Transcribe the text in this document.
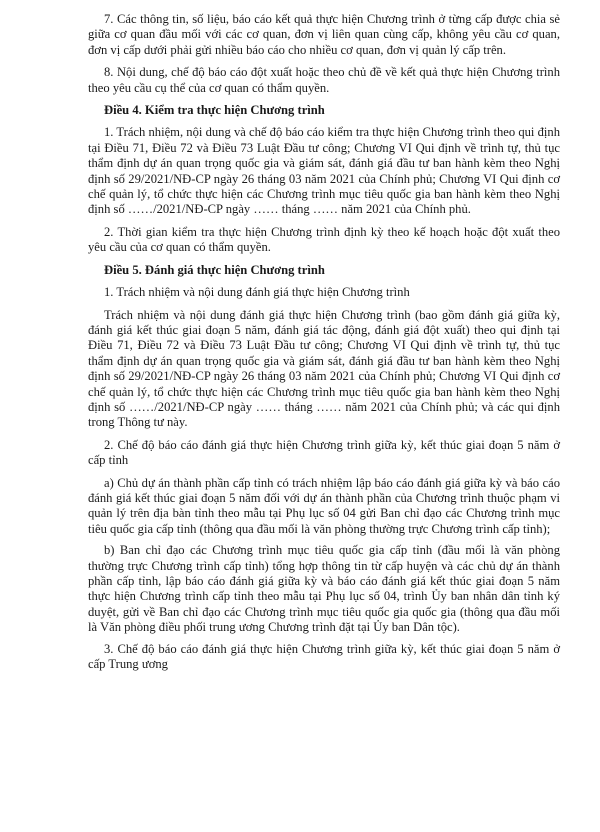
7. Các thông tin, số liệu, báo cáo kết quả thực hiện Chương trình ở từng cấp được chia sẻ giữa cơ quan đầu mối với các cơ quan, đơn vị liên quan cùng cấp, không yêu cầu cơ quan, đơn vị cấp dưới phải gửi nhiều báo cáo cho nhiều cơ quan, đơn vị quản lý cấp trên.

8. Nội dung, chế độ báo cáo đột xuất hoặc theo chủ đề về kết quả thực hiện Chương trình theo yêu cầu cụ thể của cơ quan có thẩm quyền.

Điều 4. Kiểm tra thực hiện Chương trình

1. Trách nhiệm, nội dung và chế độ báo cáo kiểm tra thực hiện Chương trình theo qui định tại Điều 71, Điều 72 và Điều 73 Luật Đầu tư công; Chương VI Qui định về trình tự, thủ tục thẩm định dự án quan trọng quốc gia và giám sát, đánh giá đầu tư ban hành kèm theo Nghị định số 29/2021/NĐ-CP ngày 26 tháng 03 năm 2021 của Chính phủ; Chương VI Qui định cơ chế quản lý, tổ chức thực hiện các Chương trình mục tiêu quốc gia ban hành kèm theo Nghị định số ……/2021/NĐ-CP ngày …… tháng …… năm 2021 của Chính phủ.

2. Thời gian kiểm tra thực hiện Chương trình định kỳ theo kế hoạch hoặc đột xuất theo yêu cầu của cơ quan có thẩm quyền.

Điều 5. Đánh giá thực hiện Chương trình

1. Trách nhiệm và nội dung đánh giá thực hiện Chương trình

Trách nhiệm và nội dung đánh giá thực hiện Chương trình (bao gồm đánh giá giữa kỳ, đánh giá kết thúc giai đoạn 5 năm, đánh giá tác động, đánh giá đột xuất) theo qui định tại Điều 71, Điều 72 và Điều 73 Luật Đầu tư công; Chương VI Qui định về trình tự, thủ tục thẩm định dự án quan trọng quốc gia và giám sát, đánh giá đầu tư ban hành kèm theo Nghị định số 29/2021/NĐ-CP ngày 26 tháng 03 năm 2021 của Chính phủ; Chương VI Qui định cơ chế quản lý, tổ chức thực hiện các Chương trình mục tiêu quốc gia ban hành kèm theo Nghị định số ……/2021/NĐ-CP ngày …… tháng …… năm 2021 của Chính phủ; và các qui định trong Thông tư này.

2. Chế độ báo cáo đánh giá thực hiện Chương trình giữa kỳ, kết thúc giai đoạn 5 năm ở cấp tỉnh

a) Chủ dự án thành phần cấp tỉnh có trách nhiệm lập báo cáo đánh giá giữa kỳ và báo cáo đánh giá kết thúc giai đoạn 5 năm đối với dự án thành phần của Chương trình thuộc phạm vi quản lý trên địa bàn tỉnh theo mẫu tại Phụ lục số 04 gửi Ban chỉ đạo các Chương trình mục tiêu quốc gia cấp tỉnh (thông qua đầu mối là văn phòng thường trực Chương trình cấp tỉnh);

b) Ban chỉ đạo các Chương trình mục tiêu quốc gia cấp tỉnh (đầu mối là văn phòng thường trực Chương trình cấp tỉnh) tổng hợp thông tin từ cấp huyện và các chủ dự án thành phần cấp tỉnh, lập báo cáo đánh giá giữa kỳ và báo cáo đánh giá kết thúc giai đoạn 5 năm thực hiện Chương trình cấp tỉnh theo mẫu tại Phụ lục số 04, trình Ủy ban nhân dân tỉnh ký duyệt, gửi về Ban chỉ đạo các Chương trình mục tiêu quốc gia quốc gia (thông qua đầu mối là Văn phòng điều phối trung ương Chương trình đặt tại Ủy ban Dân tộc).

3. Chế độ báo cáo đánh giá thực hiện Chương trình giữa kỳ, kết thúc giai đoạn 5 năm ở cấp Trung ương
